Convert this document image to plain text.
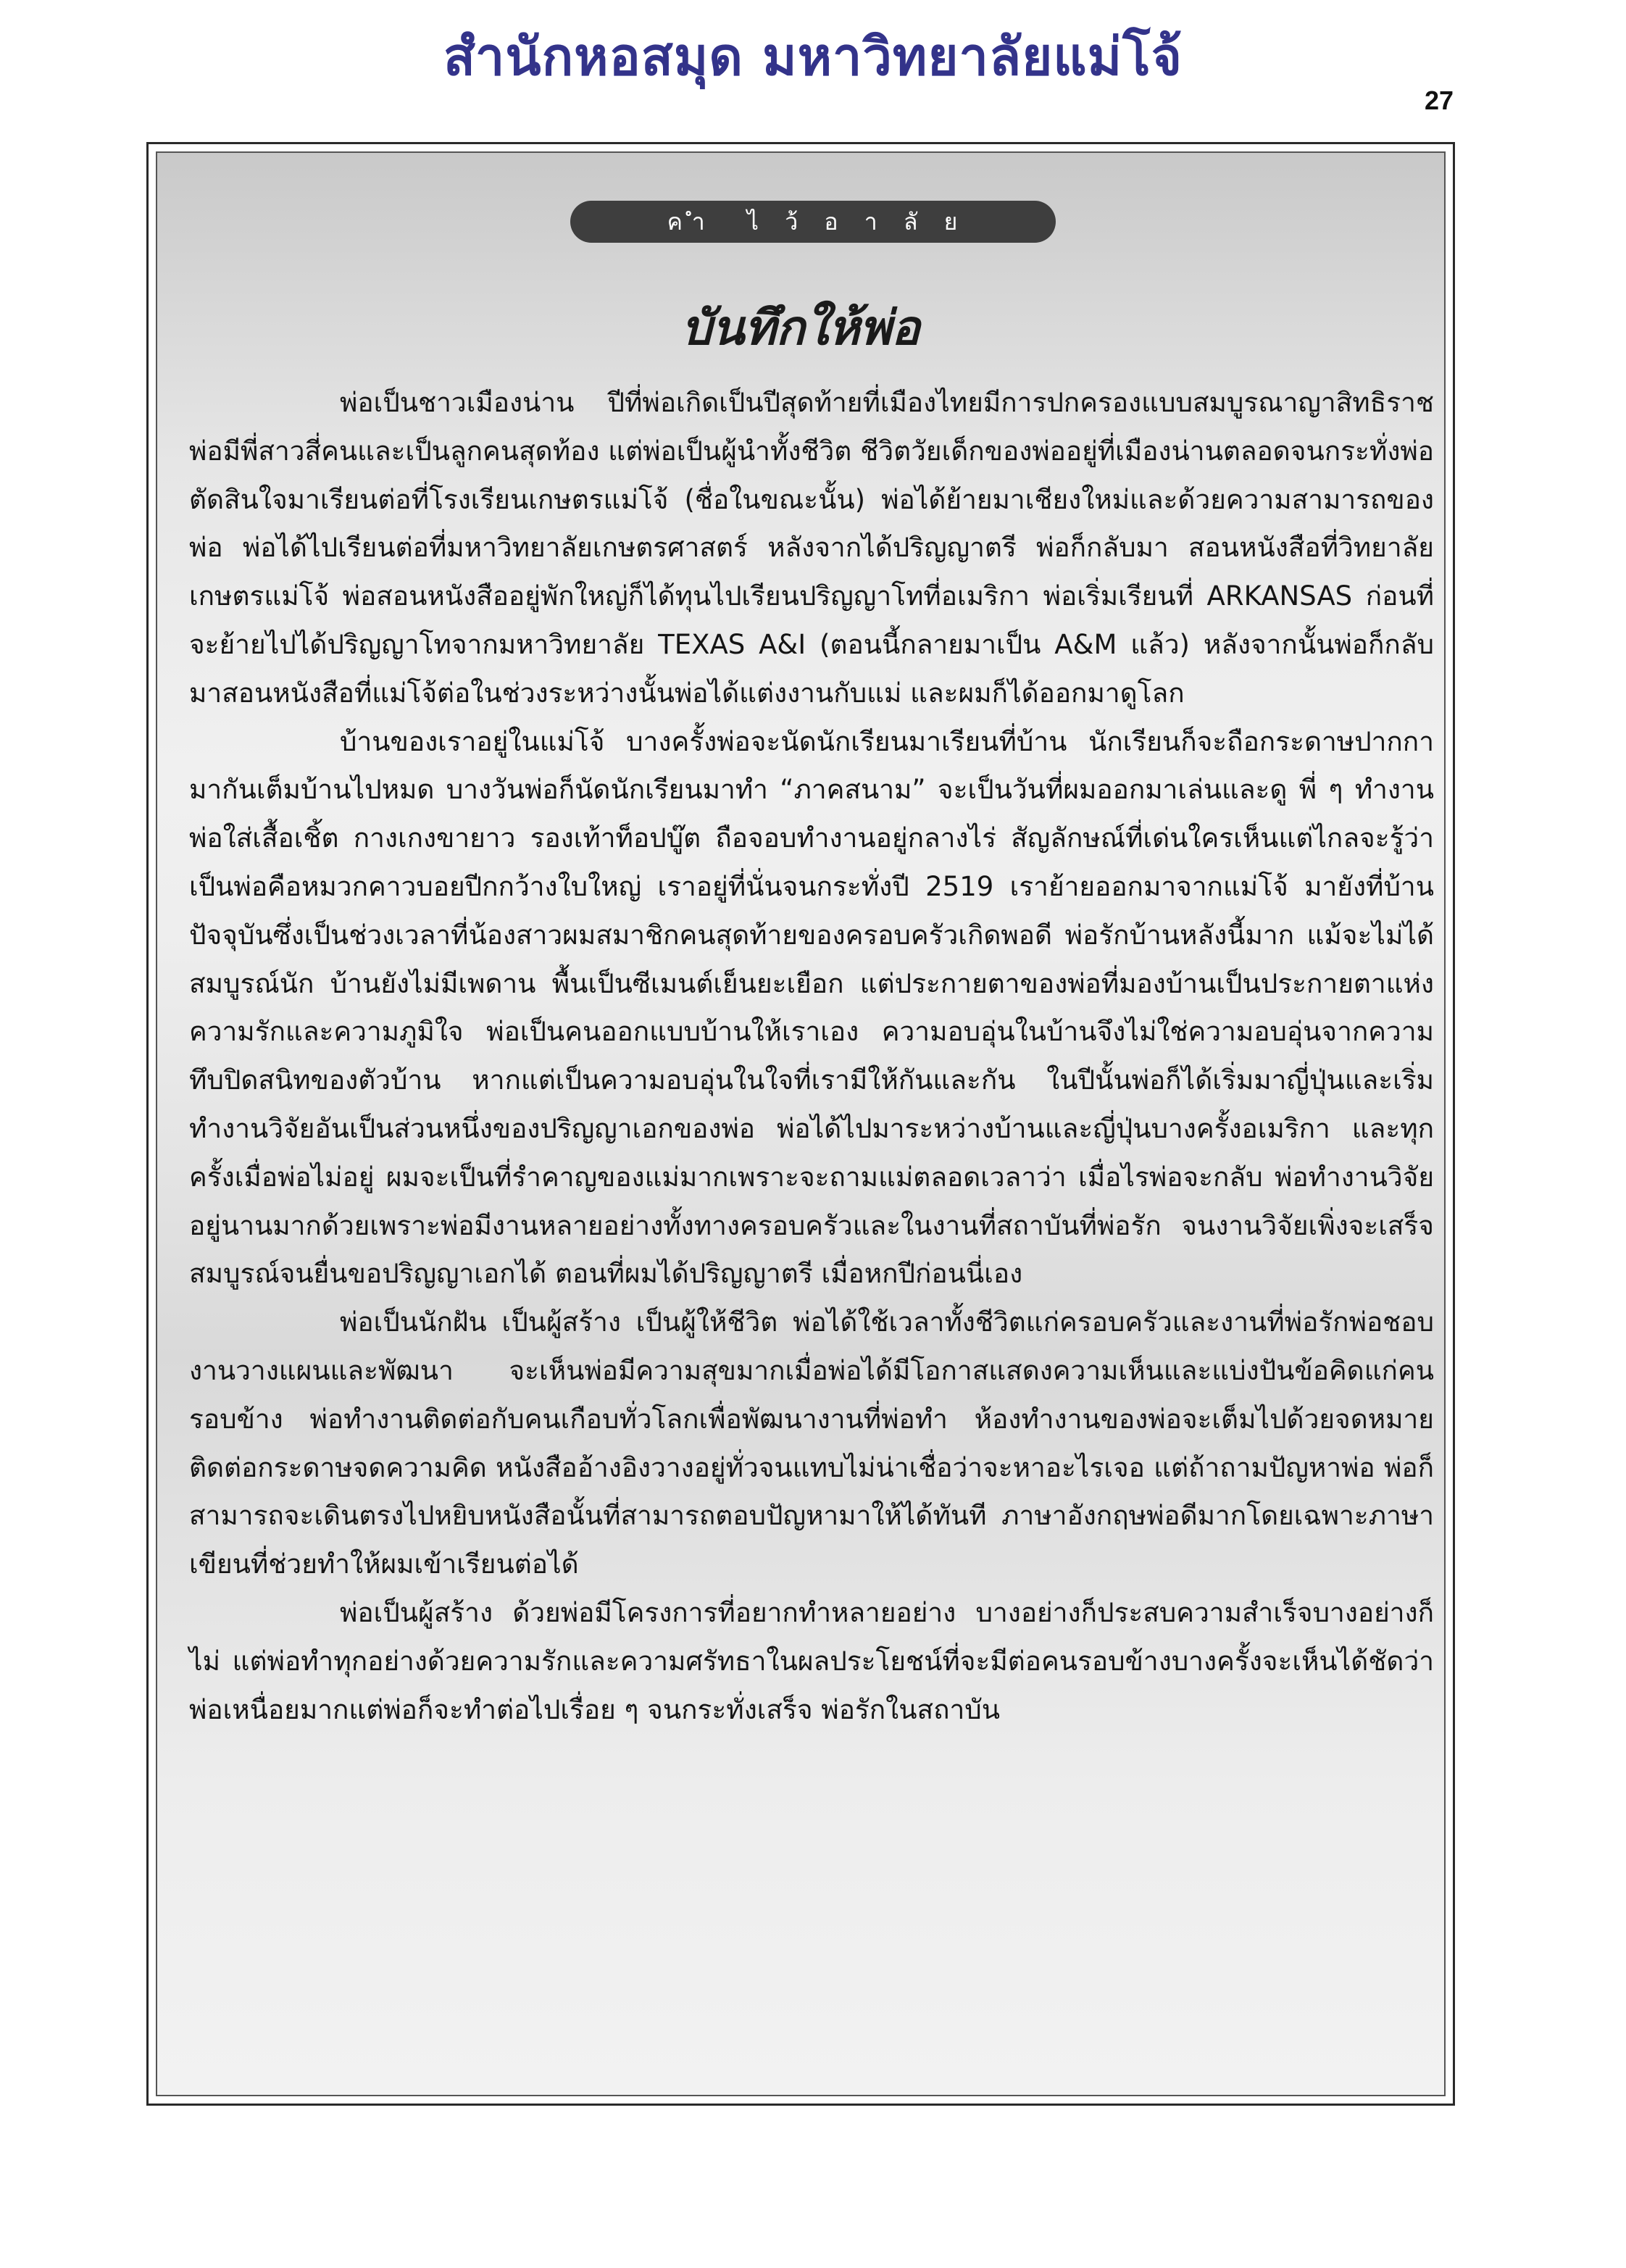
สำนักหอสมุด มหาวิทยาลัยแม่โจ้
27
ค ำ ไ ว้ อ า ลั ย
บันทึกให้พ่อ

พ่อเป็นชาวเมืองน่าน ปีที่พ่อเกิดเป็นปีสุดท้ายที่เมืองไทยมีการปกครองแบบสมบูรณาญาสิทธิราช พ่อมีพี่สาวสี่คนและเป็นลูกคนสุดท้อง แต่พ่อเป็นผู้นำทั้งชีวิต ชีวิตวัยเด็กของพ่ออยู่ที่เมืองน่านตลอดจนกระทั่งพ่อตัดสินใจมาเรียนต่อที่โรงเรียนเกษตรแม่โจ้ (ชื่อในขณะนั้น) พ่อได้ย้ายมาเชียงใหม่และด้วยความสามารถของพ่อ พ่อได้ไปเรียนต่อที่มหาวิทยาลัยเกษตรศาสตร์ หลังจากได้ปริญญาตรี พ่อก็กลับมา สอนหนังสือที่วิทยาลัยเกษตรแม่โจ้ พ่อสอนหนังสืออยู่พักใหญ่ก็ได้ทุนไปเรียนปริญญาโทที่อเมริกา พ่อเริ่มเรียนที่ ARKANSAS ก่อนที่จะย้ายไปได้ปริญญาโทจากมหาวิทยาลัย TEXAS A&I (ตอนนี้กลายมาเป็น A&M แล้ว) หลังจากนั้นพ่อก็กลับมาสอนหนังสือที่แม่โจ้ต่อในช่วงระหว่างนั้นพ่อได้แต่งงานกับแม่ และผมก็ได้ออกมาดูโลก

บ้านของเราอยู่ในแม่โจ้ บางครั้งพ่อจะนัดนักเรียนมาเรียนที่บ้าน นักเรียนก็จะถือกระดาษปากกามากันเต็มบ้านไปหมด บางวันพ่อก็นัดนักเรียนมาทำ “ภาคสนาม” จะเป็นวันที่ผมออกมาเล่นและดู พี่ ๆ ทำงาน พ่อใส่เสื้อเชิ้ต กางเกงขายาว รองเท้าท็อปบู๊ต ถือจอบทำงานอยู่กลางไร่ สัญลักษณ์ที่เด่นใครเห็นแต่ไกลจะรู้ว่าเป็นพ่อคือหมวกคาวบอยปีกกว้างใบใหญ่ เราอยู่ที่นั่นจนกระทั่งปี 2519 เราย้ายออกมาจากแม่โจ้ มายังที่บ้านปัจจุบันซึ่งเป็นช่วงเวลาที่น้องสาวผมสมาชิกคนสุดท้ายของครอบครัวเกิดพอดี พ่อรักบ้านหลังนี้มาก แม้จะไม่ได้สมบูรณ์นัก บ้านยังไม่มีเพดาน พื้นเป็นซีเมนต์เย็นยะเยือก แต่ประกายตาของพ่อที่มองบ้านเป็นประกายตาแห่งความรักและความภูมิใจ พ่อเป็นคนออกแบบบ้านให้เราเอง ความอบอุ่นในบ้านจึงไม่ใช่ความอบอุ่นจากความทึบปิดสนิทของตัวบ้าน หากแต่เป็นความอบอุ่นในใจที่เรามีให้กันและกัน ในปีนั้นพ่อก็ได้เริ่มมาญี่ปุ่นและเริ่มทำงานวิจัยอันเป็นส่วนหนึ่งของปริญญาเอกของพ่อ พ่อได้ไปมาระหว่างบ้านและญี่ปุ่นบางครั้งอเมริกา และทุกครั้งเมื่อพ่อไม่อยู่ ผมจะเป็นที่รำคาญของแม่มากเพราะจะถามแม่ตลอดเวลาว่า เมื่อไรพ่อจะกลับ พ่อทำงานวิจัยอยู่นานมากด้วยเพราะพ่อมีงานหลายอย่างทั้งทางครอบครัวและในงานที่สถาบันที่พ่อรัก จนงานวิจัยเพิ่งจะเสร็จสมบูรณ์จนยื่นขอปริญญาเอกได้ ตอนที่ผมได้ปริญญาตรี เมื่อหกปีก่อนนี่เอง

พ่อเป็นนักฝัน เป็นผู้สร้าง เป็นผู้ให้ชีวิต พ่อได้ใช้เวลาทั้งชีวิตแก่ครอบครัวและงานที่พ่อรักพ่อชอบงานวางแผนและพัฒนา จะเห็นพ่อมีความสุขมากเมื่อพ่อได้มีโอกาสแสดงความเห็นและแบ่งปันข้อคิดแก่คนรอบข้าง พ่อทำงานติดต่อกับคนเกือบทั่วโลกเพื่อพัฒนางานที่พ่อทำ ห้องทำงานของพ่อจะเต็มไปด้วยจดหมายติดต่อกระดาษจดความคิด หนังสืออ้างอิงวางอยู่ทั่วจนแทบไม่น่าเชื่อว่าจะหาอะไรเจอ แต่ถ้าถามปัญหาพ่อ พ่อก็สามารถจะเดินตรงไปหยิบหนังสือนั้นที่สามารถตอบปัญหามาให้ได้ทันที ภาษาอังกฤษพ่อดีมากโดยเฉพาะภาษาเขียนที่ช่วยทำให้ผมเข้าเรียนต่อได้

พ่อเป็นผู้สร้าง ด้วยพ่อมีโครงการที่อยากทำหลายอย่าง บางอย่างก็ประสบความสำเร็จบางอย่างก็ไม่ แต่พ่อทำทุกอย่างด้วยความรักและความศรัทธาในผลประโยชน์ที่จะมีต่อคนรอบข้างบางครั้งจะเห็นได้ชัดว่าพ่อเหนื่อยมากแต่พ่อก็จะทำต่อไปเรื่อย ๆ จนกระทั่งเสร็จ พ่อรักในสถาบัน
